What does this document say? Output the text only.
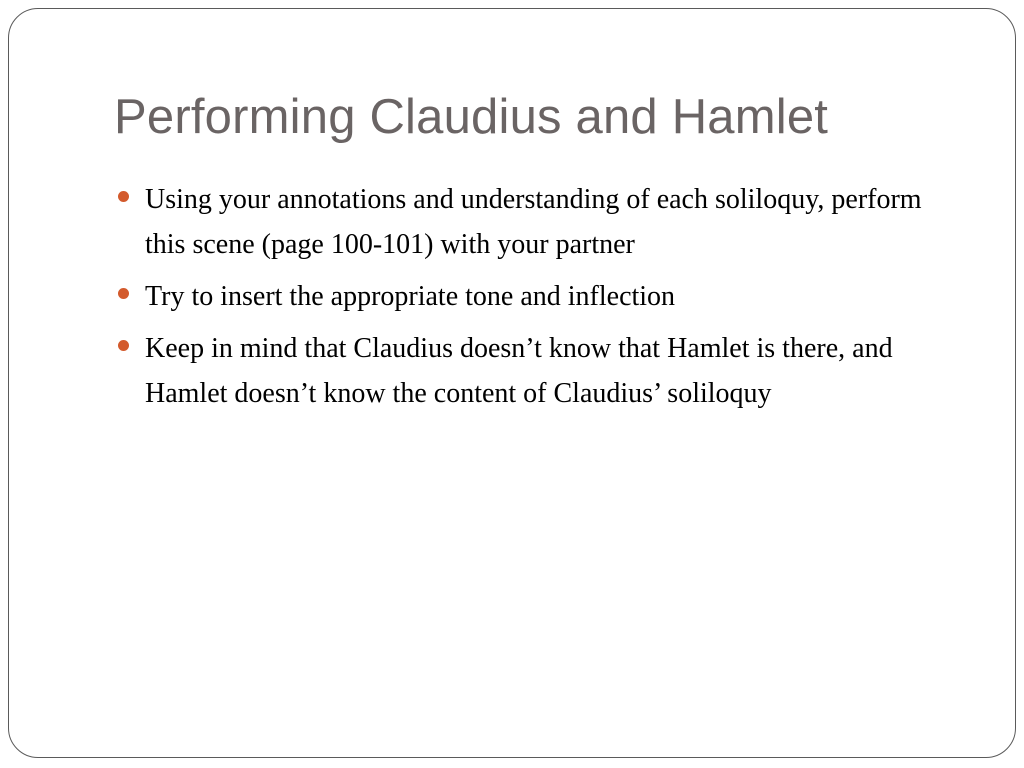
Performing Claudius and Hamlet
Using your annotations and understanding of each soliloquy, perform this scene (page 100-101) with your partner
Try to insert the appropriate tone and inflection
Keep in mind that Claudius doesn’t know that Hamlet is there, and Hamlet doesn’t know the content of Claudius’ soliloquy
